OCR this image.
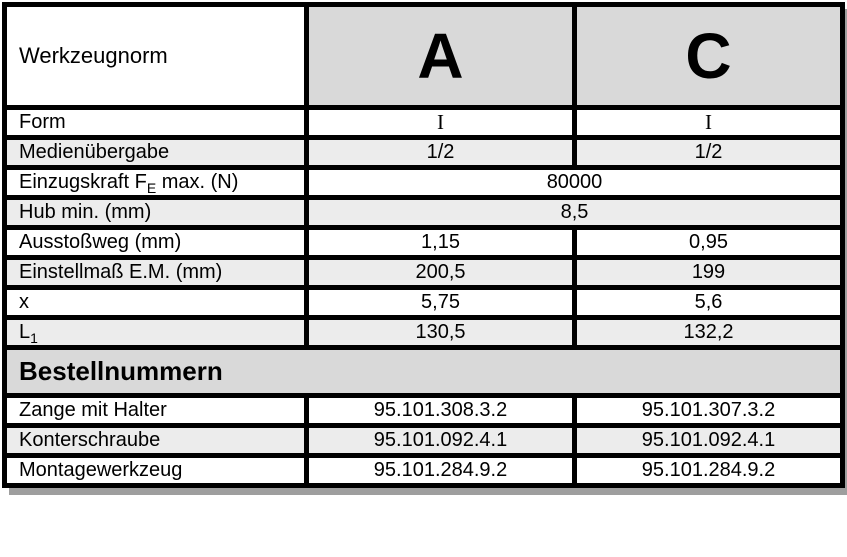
Werkzeugnorm	A	C
Form	I	I
Medienübergabe	1/2	1/2
Einzugskraft $F_E$ max. (N)	80000	
Hub min. (mm)	8,5	
Ausstoßweg (mm)	1,15	0,95
Einstellmaß E.M. (mm)	200,5	199
x	5,75	5,6
$L_1$	130,5	132,2
Bestellnummern		
Zange mit Halter	95.101.308.3.2	95.101.307.3.2
Konterschraube	95.101.092.4.1	95.101.092.4.1
Montagewerkzeug	95.101.284.9.2	95.101.284.9.2
